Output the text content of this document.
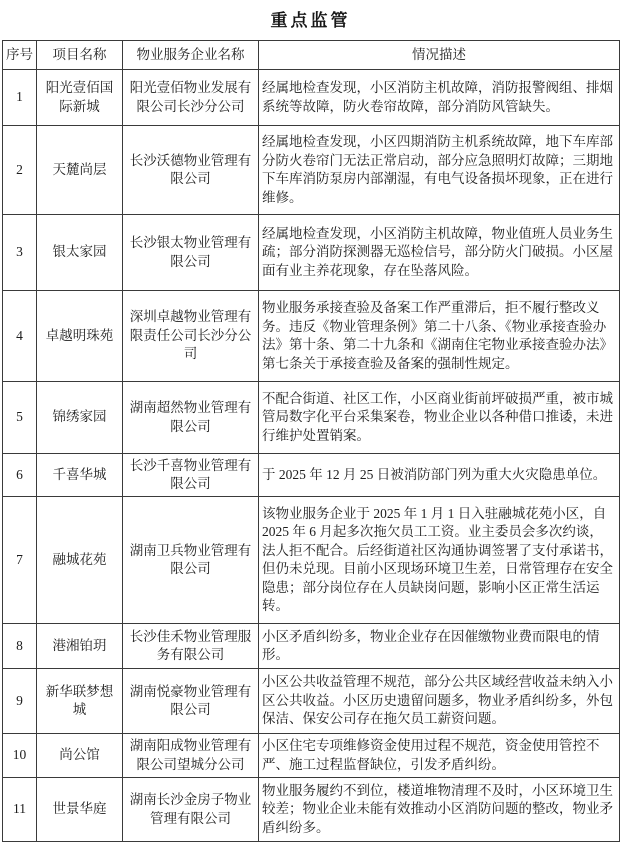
重点监管
序号	项目名称	物业服务企业名称	情况描述
1	阳光壹佰国际新城	阳光壹佰物业发展有限公司长沙分公司	经属地检查发现，小区消防主机故障，消防报警阀组、排烟系统等故障，防火卷帘故障，部分消防风管缺失。
2	天麓尚层	长沙沃德物业管理有限公司	经属地检查发现，小区四期消防主机系统故障，地下车库部分防火卷帘门无法正常启动，部分应急照明灯故障；三期地下车库消防泵房内部潮湿，有电气设备损坏现象，正在进行维修。
3	银太家园	长沙银太物业管理有限公司	经属地检查发现，小区消防主机故障，物业值班人员业务生疏；部分消防探测器无巡检信号，部分防火门破损。小区屋面有业主养花现象，存在坠落风险。
4	卓越明珠苑	深圳卓越物业管理有限责任公司长沙分公司	物业服务承接查验及备案工作严重滞后，拒不履行整改义务。违反《物业管理条例》第二十八条、《物业承接查验办法》第十条、第二十九条和《湖南住宅物业承接查验办法》第七条关于承接查验及备案的强制性规定。
5	锦绣家园	湖南超然物业管理有限公司	不配合街道、社区工作，小区商业街前坪破损严重，被市城管局数字化平台采集案卷，物业企业以各种借口推诿，未进行维护处置销案。
6	千喜华城	长沙千喜物业管理有限公司	于 2025 年 12 月 25 日被消防部门列为重大火灾隐患单位。
7	融城花苑	湖南卫兵物业管理有限公司	该物业服务企业于 2025 年 1 月 1 日入驻融城花苑小区，自 2025 年 6 月起多次拖欠员工工资。业主委员会多次约谈，法人拒不配合。后经街道社区沟通协调签署了支付承诺书，但仍未兑现。目前小区现场环境卫生差，日常管理存在安全隐患；部分岗位存在人员缺岗问题，影响小区正常生活运转。
8	港湘铂玥	长沙佳禾物业管理服务有限公司	小区矛盾纠纷多，物业企业存在因催缴物业费而限电的情形。
9	新华联梦想城	湖南悦豪物业管理有限公司	小区公共收益管理不规范，部分公共区域经营收益未纳入小区公共收益。小区历史遗留问题多，物业矛盾纠纷多，外包保洁、保安公司存在拖欠员工薪资问题。
10	尚公馆	湖南阳成物业管理有限公司望城分公司	小区住宅专项维修资金使用过程不规范，资金使用管控不严、施工过程监督缺位，引发矛盾纠纷。
11	世景华庭	湖南长沙金房子物业管理有限公司	物业服务履约不到位，楼道堆物清理不及时，小区环境卫生较差；物业企业未能有效推动小区消防问题的整改，物业矛盾纠纷多。
